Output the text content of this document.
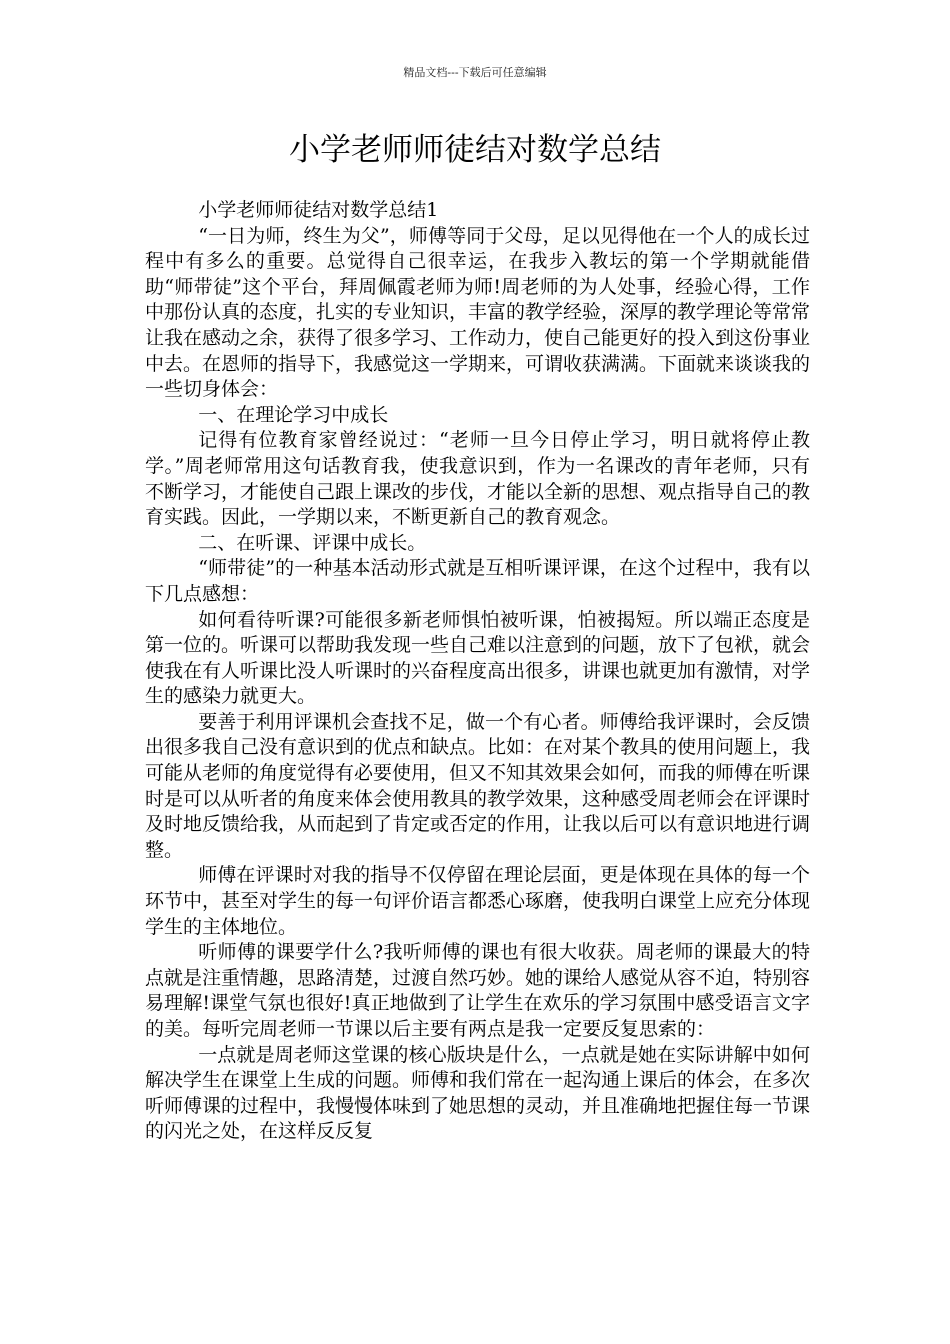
精品文档---下载后可任意编辑
小学老师师徒结对数学总结

小学老师师徒结对数学总结1

“一日为师，终生为父”，师傅等同于父母，足以见得他在一个人的成长过程中有多么的重要。总觉得自己很幸运，在我步入教坛的第一个学期就能借助“师带徒”这个平台，拜周佩霞老师为师!周老师的为人处事，经验心得，工作中那份认真的态度，扎实的专业知识，丰富的教学经验，深厚的教学理论等常常让我在感动之余，获得了很多学习、工作动力，使自己能更好的投入到这份事业中去。在恩师的指导下，我感觉这一学期来，可谓收获满满。下面就来谈谈我的一些切身体会：

一、在理论学习中成长

记得有位教育家曾经说过：“老师一旦今日停止学习，明日就将停止教学。”周老师常用这句话教育我，使我意识到，作为一名课改的青年老师，只有不断学习，才能使自己跟上课改的步伐，才能以全新的思想、观点指导自己的教育实践。因此，一学期以来，不断更新自己的教育观念。

二、在听课、评课中成长。

“师带徒”的一种基本活动形式就是互相听课评课，在这个过程中，我有以下几点感想：

如何看待听课?可能很多新老师惧怕被听课，怕被揭短。所以端正态度是第一位的。听课可以帮助我发现一些自己难以注意到的问题，放下了包袱，就会使我在有人听课比没人听课时的兴奋程度高出很多，讲课也就更加有激情，对学生的感染力就更大。

要善于利用评课机会查找不足，做一个有心者。师傅给我评课时，会反馈出很多我自己没有意识到的优点和缺点。比如：在对某个教具的使用问题上，我可能从老师的角度觉得有必要使用，但又不知其效果会如何，而我的师傅在听课时是可以从听者的角度来体会使用教具的教学效果，这种感受周老师会在评课时及时地反馈给我，从而起到了肯定或否定的作用，让我以后可以有意识地进行调整。

师傅在评课时对我的指导不仅停留在理论层面，更是体现在具体的每一个环节中，甚至对学生的每一句评价语言都悉心琢磨，使我明白课堂上应充分体现学生的主体地位。

听师傅的课要学什么?我听师傅的课也有很大收获。周老师的课最大的特点就是注重情趣，思路清楚，过渡自然巧妙。她的课给人感觉从容不迫，特别容易理解!课堂气氛也很好!真正地做到了让学生在欢乐的学习氛围中感受语言文字的美。每听完周老师一节课以后主要有两点是我一定要反复思索的：

一点就是周老师这堂课的核心版块是什么，一点就是她在实际讲解中如何解决学生在课堂上生成的问题。师傅和我们常在一起沟通上课后的体会，在多次听师傅课的过程中，我慢慢体味到了她思想的灵动，并且准确地把握住每一节课的闪光之处，在这样反反复
